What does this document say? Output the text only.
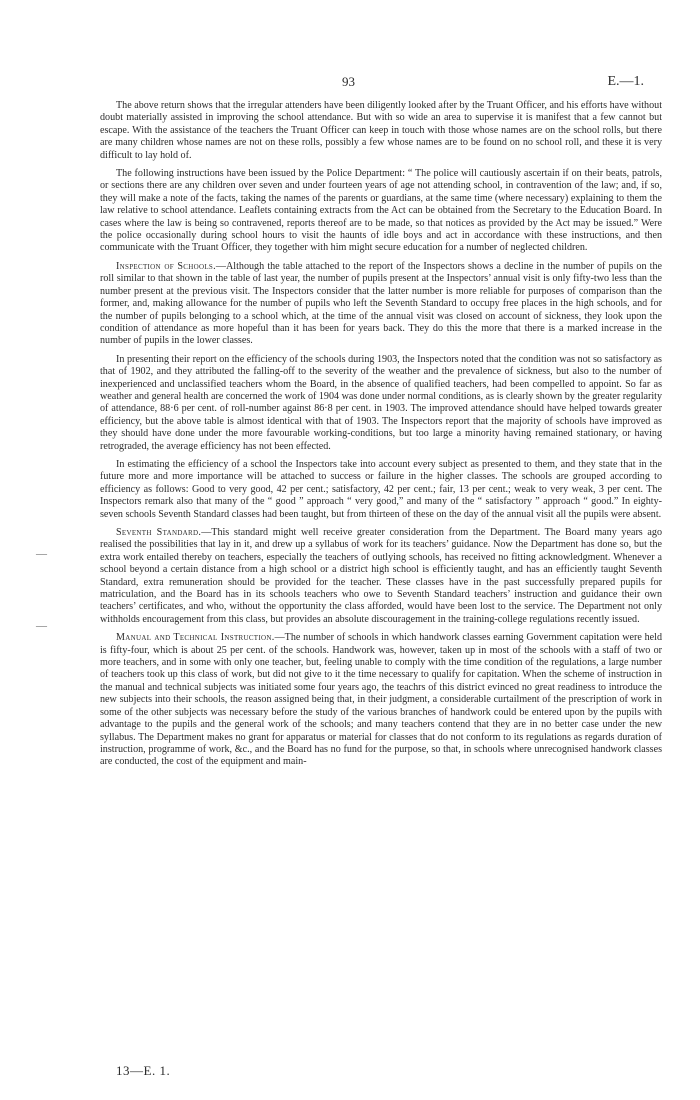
93	E.—1.

The above return shows that the irregular attenders have been diligently looked after by the Truant Officer, and his efforts have without doubt materially assisted in improving the school attendance. But with so wide an area to supervise it is manifest that a few cannot but escape. With the assistance of the teachers the Truant Officer can keep in touch with those whose names are on the school rolls, but there are many children whose names are not on these rolls, possibly a few whose names are to be found on no school roll, and these it is very difficult to lay hold of.

The following instructions have been issued by the Police Department: “ The police will cautiously ascertain if on their beats, patrols, or sections there are any children over seven and under fourteen years of age not attending school, in contravention of the law; and, if so, they will make a note of the facts, taking the names of the parents or guardians, at the same time (where necessary) explaining to them the law relative to school attendance. Leaflets containing extracts from the Act can be obtained from the Secretary to the Education Board. In cases where the law is being so contravened, reports thereof are to be made, so that notices as provided by the Act may be issued.” Were the police occasionally during school hours to visit the haunts of idle boys and act in accordance with these instructions, and then communicate with the Truant Officer, they together with him might secure education for a number of neglected children.

Inspection of Schools.—Although the table attached to the report of the Inspectors shows a decline in the number of pupils on the roll similar to that shown in the table of last year, the number of pupils present at the Inspectors’ annual visit is only fifty-two less than the number present at the previous visit. The Inspectors consider that the latter number is more reliable for purposes of comparison than the former, and, making allowance for the number of pupils who left the Seventh Standard to occupy free places in the high schools, and for the number of pupils belonging to a school which, at the time of the annual visit was closed on account of sickness, they look upon the condition of attendance as more hopeful than it has been for years back. They do this the more that there is a marked increase in the number of pupils in the lower classes.

In presenting their report on the efficiency of the schools during 1903, the Inspectors noted that the condition was not so satisfactory as that of 1902, and they attributed the falling-off to the severity of the weather and the prevalence of sickness, but also to the number of inexperienced and unclassified teachers whom the Board, in the absence of qualified teachers, had been compelled to appoint. So far as weather and general health are concerned the work of 1904 was done under normal conditions, as is clearly shown by the greater regularity of attendance, 88·6 per cent. of roll-number against 86·8 per cent. in 1903. The improved attendance should have helped towards greater efficiency, but the above table is almost identical with that of 1903. The Inspectors report that the majority of schools have improved as they should have done under the more favourable working-conditions, but too large a minority having remained stationary, or having retrograded, the average efficiency has not been effected.

In estimating the efficiency of a school the Inspectors take into account every subject as presented to them, and they state that in the future more and more importance will be attached to success or failure in the higher classes. The schools are grouped according to efficiency as follows: Good to very good, 42 per cent.; satisfactory, 42 per cent.; fair, 13 per cent.; weak to very weak, 3 per cent. The Inspectors remark also that many of the “ good ” approach “ very good,” and many of the “ satisfactory ” approach “ good.” In eighty-seven schools Seventh Standard classes had been taught, but from thirteen of these on the day of the annual visit all the pupils were absent.

Seventh Standard.—This standard might well receive greater consideration from the Department. The Board many years ago realised the possibilities that lay in it, and drew up a syllabus of work for its teachers’ guidance. Now the Department has done so, but the extra work entailed thereby on teachers, especially the teachers of outlying schools, has received no fitting acknowledgment. Whenever a school beyond a certain distance from a high school or a district high school is efficiently taught, and has an efficiently taught Seventh Standard, extra remuneration should be provided for the teacher. These classes have in the past successfully prepared pupils for matriculation, and the Board has in its schools teachers who owe to Seventh Standard teachers’ instruction and guidance their own teachers’ certificates, and who, without the opportunity the class afforded, would have been lost to the service. The Department not only withholds encouragement from this class, but provides an absolute discouragement in the training-college regulations recently issued.

Manual and Technical Instruction.—The number of schools in which handwork classes earning Government capitation were held is fifty-four, which is about 25 per cent. of the schools. Handwork was, however, taken up in most of the schools with a staff of two or more teachers, and in some with only one teacher, but, feeling unable to comply with the time condition of the regulations, a large number of teachers took up this class of work, but did not give to it the time necessary to qualify for capitation. When the scheme of instruction in the manual and technical subjects was initiated some four years ago, the teachrs of this district evinced no great readiness to introduce the new subjects into their schools, the reason assigned being that, in their judgment, a considerable curtailment of the prescription of work in some of the other subjects was necessary before the study of the various branches of handwork could be entered upon by the pupils with advantage to the pupils and the general work of the schools; and many teachers contend that they are in no better case under the new syllabus. The Department makes no grant for apparatus or material for classes that do not conform to its regulations as regards duration of instruction, programme of work, &c., and the Board has no fund for the purpose, so that, in schools where unrecognised handwork classes are conducted, the cost of the equipment and main-

—
—
13—E. 1.
